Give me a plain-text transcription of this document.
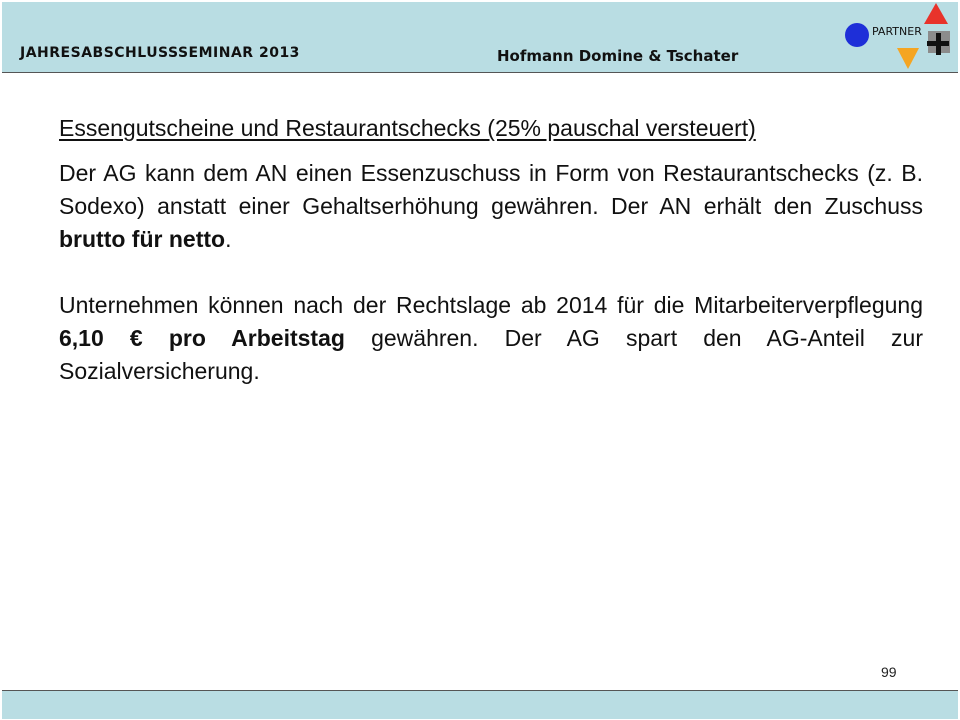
JAHRESABSCHLUSSSEMINAR 2013	Hofmann Domine & Tschater
PARTNER

Essengutscheine und Restaurantschecks (25% pauschal versteuert)

Der AG kann dem AN einen Essenzuschuss in Form von Restaurantschecks (z. B. Sodexo) anstatt einer Gehaltserhöhung gewähren. Der AN erhält den Zuschuss brutto für netto.

Unternehmen können nach der Rechtslage ab 2014 für die Mitarbeiterverpflegung 6,10 € pro Arbeitstag gewähren. Der AG spart den AG-Anteil zur Sozialversicherung.

99
